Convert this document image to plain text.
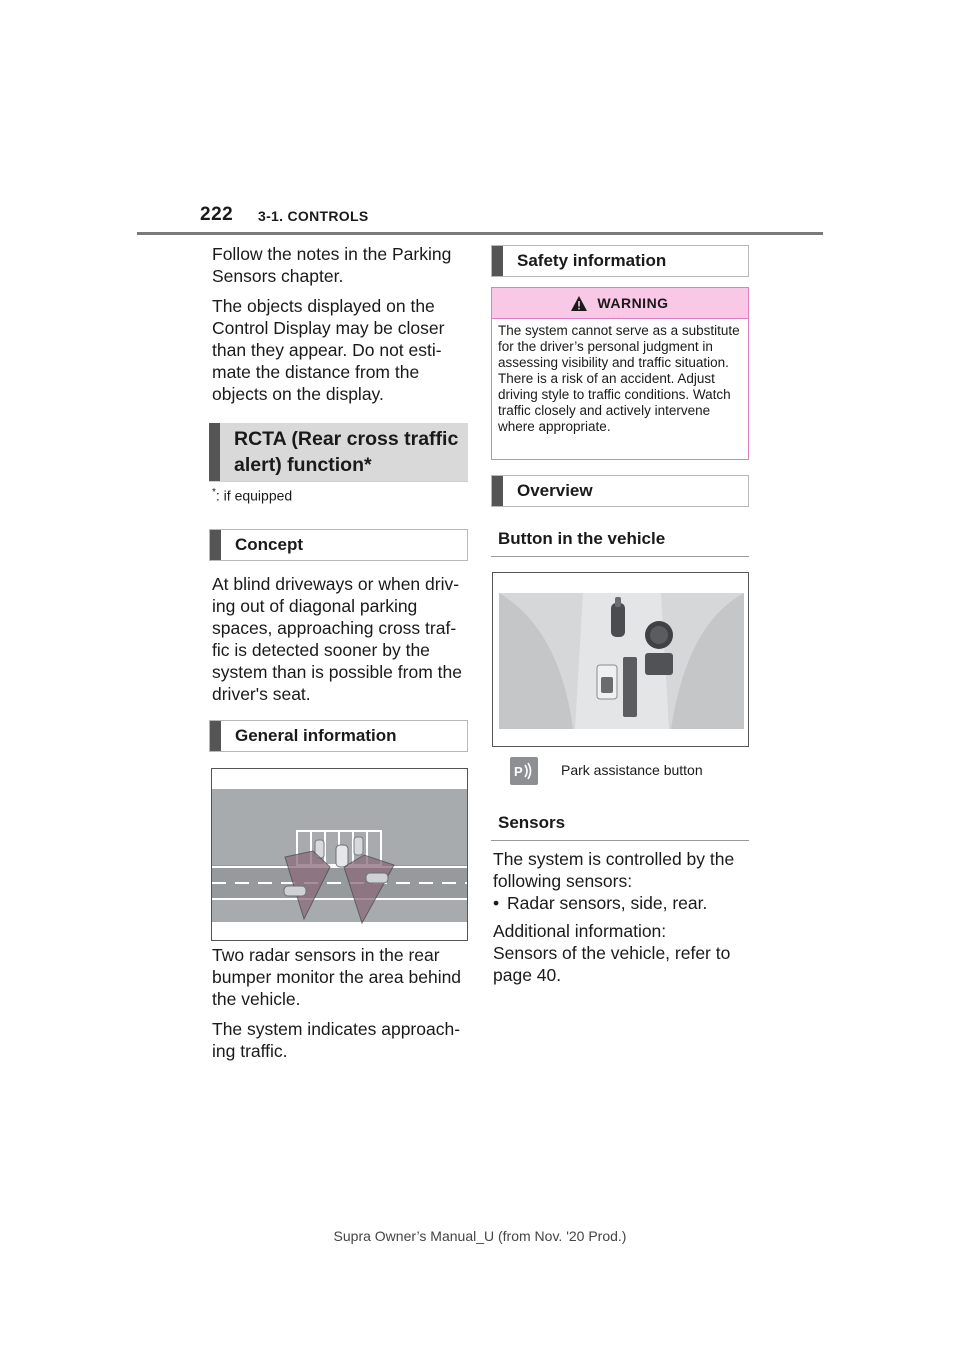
222 3-1. CONTROLS

Follow the notes in the Parking Sensors chapter.

The objects displayed on the Control Display may be closer than they appear. Do not esti-mate the distance from the objects on the display.

RCTA (Rear cross traffic alert) function*
*: if equipped
Concept

At blind driveways or when driv-ing out of diagonal parking spaces, approaching cross traf-fic is detected sooner by the system than is possible from the driver's seat.

General information

Two radar sensors in the rear bumper monitor the area behind the vehicle.

The system indicates approach-ing traffic.

Safety information
WARNING

The system cannot serve as a substitute for the driver’s personal judgment in assessing visibility and traffic situation. There is a risk of an accident. Adjust driving style to traffic conditions. Watch traffic closely and actively intervene where appropriate.

Overview
Button in the vehicle
P	Park assistance button
Sensors

The system is controlled by the following sensors:

• Radar sensors, side, rear.

Additional information:

Sensors of the vehicle, refer to page 40.

Supra Owner’s Manual_U (from Nov. '20 Prod.)
